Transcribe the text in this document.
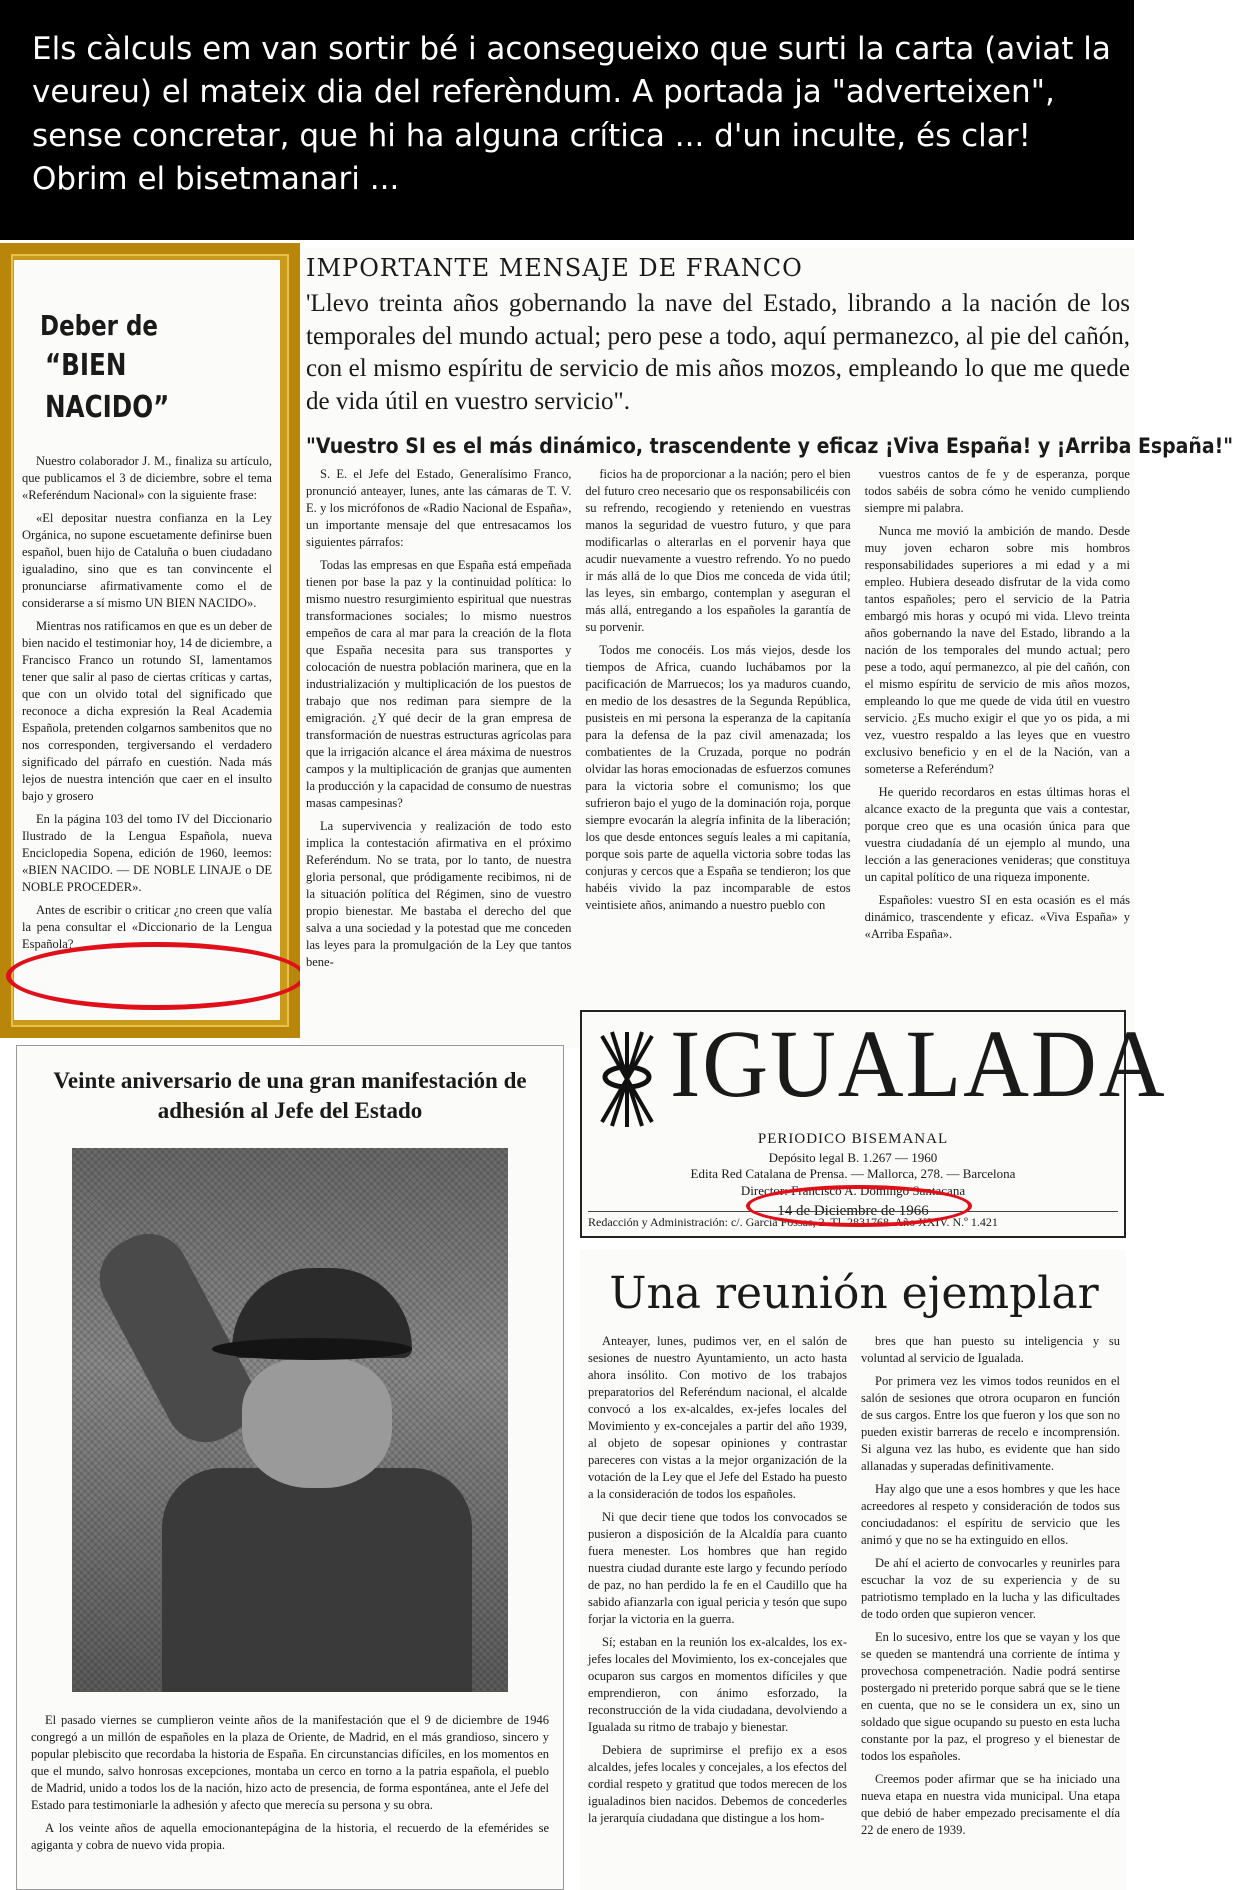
Els càlculs em van sortir bé i aconsegueixo que surti la carta (aviat la veureu) el mateix dia del referèndum. A portada ja "adverteixen", sense concretar, que hi ha alguna crítica ... d'un inculte, és clar! Obrim el bisetmanari ...
Deber de
“BIEN NACIDO”

Nuestro colaborador J. M., finaliza su artículo, que publicamos el 3 de diciembre, sobre el tema «Referéndum Nacional» con la siguiente frase:

«El depositar nuestra confianza en la Ley Orgánica, no supone escuetamente definirse buen español, buen hijo de Cataluña o buen ciudadano igualadino, sino que es tan convincente el pronunciarse afirmativamente como el de considerarse a sí mismo UN BIEN NACIDO».

Mientras nos ratificamos en que es un deber de bien nacido el testimoniar hoy, 14 de diciembre, a Francisco Franco un rotundo SI, lamentamos tener que salir al paso de ciertas críticas y cartas, que con un olvido total del significado que reconoce a dicha expresión la Real Academia Española, pretenden colgarnos sambenitos que no nos corresponden, tergiversando el verdadero significado del párrafo en cuestión. Nada más lejos de nuestra intención que caer en el insulto bajo y grosero

En la página 103 del tomo IV del Diccionario Ilustrado de la Lengua Española, nueva Enciclopedia Sopena, edición de 1960, leemos: «BIEN NACIDO. — DE NOBLE LINAJE o DE NOBLE PROCEDER».

Antes de escribir o criticar ¿no creen que valía la pena consultar el «Diccionario de la Lengua Española?

IMPORTANTE MENSAJE DE FRANCO
'Llevo treinta años gobernando la nave del Estado, librando a la nación de los temporales del mundo actual; pero pese a todo, aquí permanezco, al pie del cañón, con el mismo espíritu de servicio de mis años mozos, empleando lo que me quede de vida útil en vuestro servicio".
"Vuestro SI es el más dinámico, trascendente y eficaz ¡Viva España! y ¡Arriba España!"

S. E. el Jefe del Estado, Generalísimo Franco, pronunció anteayer, lunes, ante las cámaras de T. V. E. y los micrófonos de «Radio Nacional de España», un importante mensaje del que entresacamos los siguientes párrafos:

Todas las empresas en que España está empeñada tienen por base la paz y la continuidad política: lo mismo nuestro resurgimiento espiritual que nuestras transformaciones sociales; lo mismo nuestros empeños de cara al mar para la creación de la flota que España necesita para sus transportes y colocación de nuestra población marinera, que en la industrialización y multiplicación de los puestos de trabajo que nos rediman para siempre de la emigración. ¿Y qué decir de la gran empresa de transformación de nuestras estructuras agrícolas para que la irrigación alcance el área máxima de nuestros campos y la multiplicación de granjas que aumenten la producción y la capacidad de consumo de nuestras masas campesinas?

La supervivencia y realización de todo esto implica la contestación afirmativa en el próximo Referéndum. No se trata, por lo tanto, de nuestra gloria personal, que pródigamente recibimos, ni de la situación política del Régimen, sino de vuestro propio bienestar. Me bastaba el derecho del que salva a una sociedad y la potestad que me conceden las leyes para la promulgación de la Ley que tantos bene-

ficios ha de proporcionar a la nación; pero el bien del futuro creo necesario que os responsabilicéis con su refrendo, recogiendo y reteniendo en vuestras manos la seguridad de vuestro futuro, y que para modificarlas o alterarlas en el porvenir haya que acudir nuevamente a vuestro refrendo. Yo no puedo ir más allá de lo que Dios me conceda de vida útil; las leyes, sin embargo, contemplan y aseguran el más allá, entregando a los españoles la garantía de su porvenir.

Todos me conocéis. Los más viejos, desde los tiempos de Africa, cuando luchábamos por la pacificación de Marruecos; los ya maduros cuando, en medio de los desastres de la Segunda República, pusisteis en mi persona la esperanza de la capitanía para la defensa de la paz civil amenazada; los combatientes de la Cruzada, porque no podrán olvidar las horas emocionadas de esfuerzos comunes para la victoria sobre el comunismo; los que sufrieron bajo el yugo de la dominación roja, porque siempre evocarán la alegría infinita de la liberación; los que desde entonces seguís leales a mi capitanía, porque sois parte de aquella victoria sobre todas las conjuras y cercos que a España se tendieron; los que habéis vivido la paz incomparable de estos veintisiete años, animando a nuestro pueblo con

vuestros cantos de fe y de esperanza, porque todos sabéis de sobra cómo he venido cumpliendo siempre mi palabra.

Nunca me movió la ambición de mando. Desde muy joven echaron sobre mis hombros responsabilidades superiores a mi edad y a mi empleo. Hubiera deseado disfrutar de la vida como tantos españoles; pero el servicio de la Patria embargó mis horas y ocupó mi vida. Llevo treinta años gobernando la nave del Estado, librando a la nación de los temporales del mundo actual; pero pese a todo, aquí permanezco, al pie del cañón, con el mismo espíritu de servicio de mis años mozos, empleando lo que me quede de vida útil en vuestro servicio. ¿Es mucho exigir el que yo os pida, a mi vez, vuestro respaldo a las leyes que en vuestro exclusivo beneficio y en el de la Nación, van a someterse a Referéndum?

He querido recordaros en estas últimas horas el alcance exacto de la pregunta que vais a contestar, porque creo que es una ocasión única para que vuestra ciudadanía dé un ejemplo al mundo, una lección a las generaciones venideras; que constituya un capital político de una riqueza imponente.

Españoles: vuestro SI en esta ocasión es el más dinámico, trascendente y eficaz. «Viva España» y «Arriba España».

Veinte aniversario de una gran manifestación de adhesión al Jefe del Estado

El pasado viernes se cumplieron veinte años de la manifestación que el 9 de diciembre de 1946 congregó a un millón de españoles en la plaza de Oriente, de Madrid, en el más grandioso, sincero y popular plebiscito que recordaba la historia de España. En circunstancias difíciles, en los momentos en que el mundo, salvo honrosas excepciones, montaba un cerco en torno a la patria española, el pueblo de Madrid, unido a todos los de la nación, hizo acto de presencia, de forma espontánea, ante el Jefe del Estado para testimoniarle la adhesión y afecto que merecía su persona y su obra.

A los veinte años de aquella emocionantepágina de la historia, el recuerdo de la efemérides se agiganta y cobra de nuevo vida propia.

IGUALADA
PERIODICO BISEMANAL
Depósito legal B. 1.267 — 1960
Edita Red Catalana de Prensa. — Mallorca, 278. — Barcelona
Director: Francisco A. Domingo Santacana
14 de Diciembre de 1966
Redacción y Administración: c/. García Fossas, 2. Tl. 2831768. Año XXIV. N.º 1.421
Una reunión ejemplar

Anteayer, lunes, pudimos ver, en el salón de sesiones de nuestro Ayuntamiento, un acto hasta ahora insólito. Con motivo de los trabajos preparatorios del Referéndum nacional, el alcalde convocó a los ex-alcaldes, ex-jefes locales del Movimiento y ex-concejales a partir del año 1939, al objeto de sopesar opiniones y contrastar pareceres con vistas a la mejor organización de la votación de la Ley que el Jefe del Estado ha puesto a la consideración de todos los españoles.

Ni que decir tiene que todos los convocados se pusieron a disposición de la Alcaldía para cuanto fuera menester. Los hombres que han regido nuestra ciudad durante este largo y fecundo período de paz, no han perdido la fe en el Caudillo que ha sabido afianzarla con igual pericia y tesón que supo forjar la victoria en la guerra.

Sí; estaban en la reunión los ex-alcaldes, los ex-jefes locales del Movimiento, los ex-concejales que ocuparon sus cargos en momentos difíciles y que emprendieron, con ánimo esforzado, la reconstrucción de la vida ciudadana, devolviendo a Igualada su ritmo de trabajo y bienestar.

Debiera de suprimirse el prefijo ex a esos alcaldes, jefes locales y concejales, a los efectos del cordial respeto y gratitud que todos merecen de los igualadinos bien nacidos. Debemos de concederles la jerarquía ciudadana que distingue a los hom-

bres que han puesto su inteligencia y su voluntad al servicio de Igualada.

Por primera vez les vimos todos reunidos en el salón de sesiones que otrora ocuparon en función de sus cargos. Entre los que fueron y los que son no pueden existir barreras de recelo e incomprensión. Si alguna vez las hubo, es evidente que han sido allanadas y superadas definitivamente.

Hay algo que une a esos hombres y que les hace acreedores al respeto y consideración de todos sus conciudadanos: el espíritu de servicio que les animó y que no se ha extinguido en ellos.

De ahí el acierto de convocarles y reunirles para escuchar la voz de su experiencia y de su patriotismo templado en la lucha y las dificultades de todo orden que supieron vencer.

En lo sucesivo, entre los que se vayan y los que se queden se mantendrá una corriente de íntima y provechosa compenetración. Nadie podrá sentirse postergado ni preterido porque sabrá que se le tiene en cuenta, que no se le considera un ex, sino un soldado que sigue ocupando su puesto en esta lucha constante por la paz, el progreso y el bienestar de todos los españoles.

Creemos poder afirmar que se ha iniciado una nueva etapa en nuestra vida municipal. Una etapa que debió de haber empezado precisamente el día 22 de enero de 1939.
